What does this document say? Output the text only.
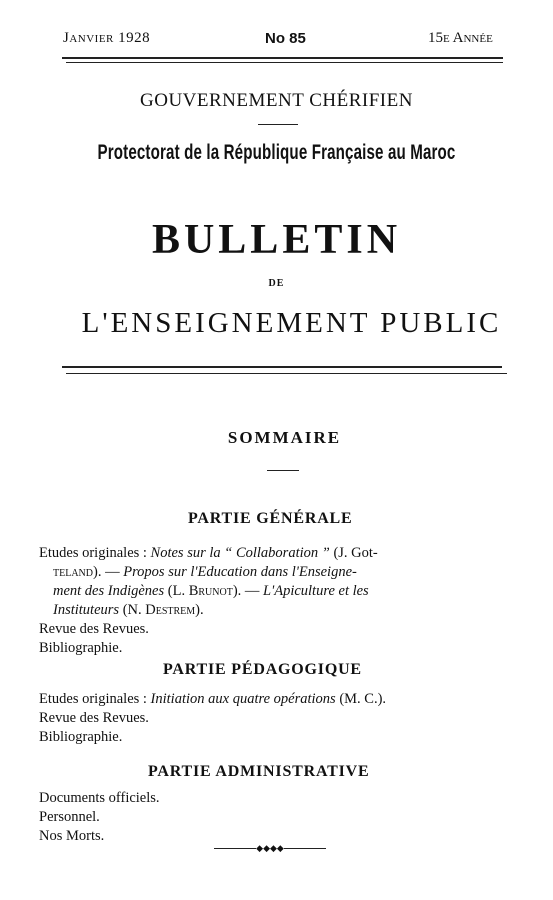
Janvier 1928	No 85	15e Année
GOUVERNEMENT CHÉRIFIEN
Protectorat de la République Française au Maroc
BULLETIN
DE
L'ENSEIGNEMENT PUBLIC
SOMMAIRE
PARTIE GÉNÉRALE
Etudes originales : Notes sur la “ Collaboration ” (J. Got-
teland). — Propos sur l'Education dans l'Enseigne-
ment des Indigènes (L. Brunot). — L'Apiculture et les
Instituteurs (N. Destrem).
Revue des Revues.
Bibliographie.
PARTIE PÉDAGOGIQUE
Etudes originales : Initiation aux quatre opérations (M. C.).
Revue des Revues.
Bibliographie.
PARTIE ADMINISTRATIVE
Documents officiels.
Personnel.
Nos Morts.
◆◆◆◆
